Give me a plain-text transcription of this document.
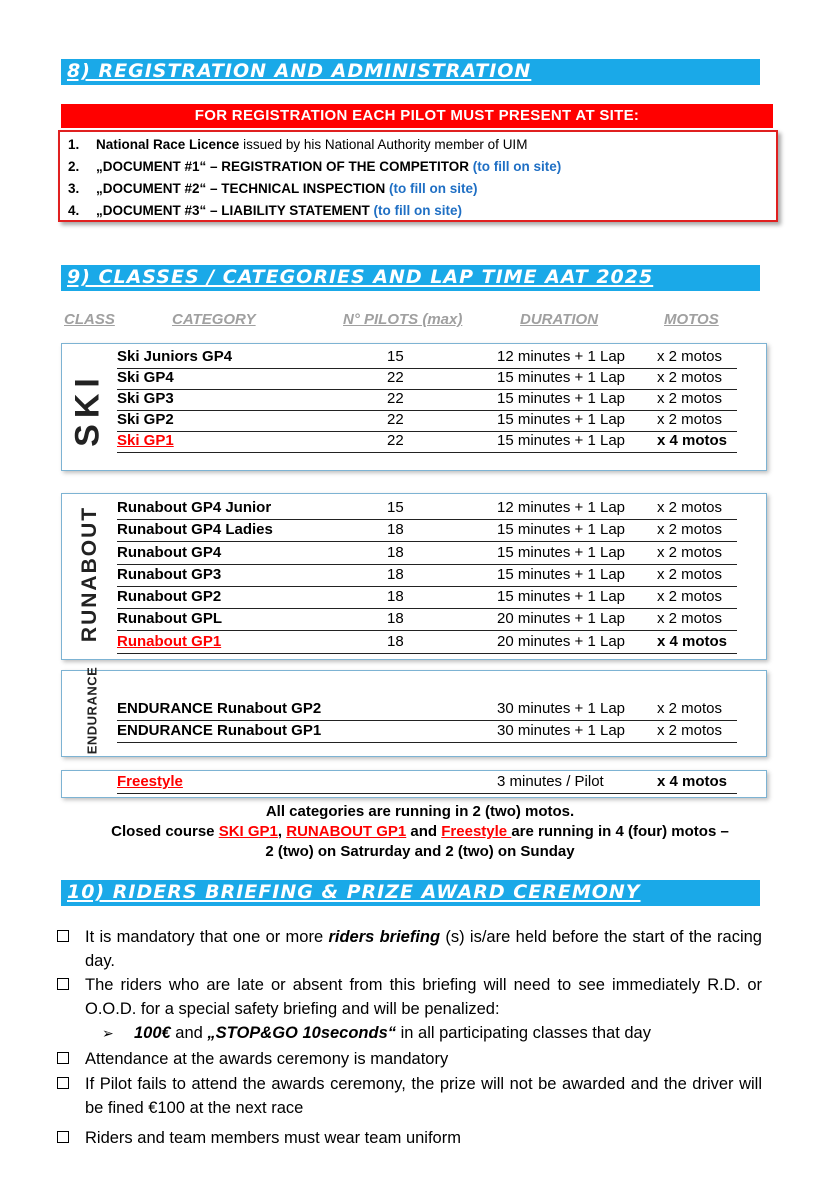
8) REGISTRATION AND ADMINISTRATION
FOR REGISTRATION EACH PILOT MUST PRESENT AT SITE:
1. National Race Licence issued by his National Authority member of UIM
2. „DOCUMENT #1“ – REGISTRATION OF THE COMPETITOR (to fill on site)
3. „DOCUMENT #2“ – TECHNICAL INSPECTION (to fill on site)
4. „DOCUMENT #3“ – LIABILITY STATEMENT (to fill on site)
9) CLASSES / CATEGORIES AND LAP TIME AAT 2025
CLASS	CATEGORY	N° PILOTS (max)	DURATION	MOTOS
SKI
Ski Juniors GP4	15	12 minutes + 1 Lap x 2 motos
Ski GP4	22	15 minutes + 1 Lap x 2 motos
Ski GP3	22	15 minutes + 1 Lap x 2 motos
Ski GP2	22	15 minutes + 1 Lap x 2 motos
Ski GP1	22	15 minutes + 1 Lap x 4 motos
RUNABOUT Runabout GP4 Junior	15	12 minutes + 1 Lap x 2 motos
Runabout GP4 Ladies	18	15 minutes + 1 Lap x 2 motos
Runabout GP4	18	15 minutes + 1 Lap x 2 motos
Runabout GP3	18	15 minutes + 1 Lap x 2 motos
Runabout GP2	18	15 minutes + 1 Lap x 2 motos
Runabout GPL	18	20 minutes + 1 Lap x 2 motos
Runabout GP1	18	20 minutes + 1 Lap x 4 motos
ENDURANCE ENDURANCE Runabout GP2	30 minutes + 1 Lap x 2 motos
ENDURANCE Runabout GP1	30 minutes + 1 Lap x 2 motos
Freestyle	3 minutes / Pilot	x 4 motos
All categories are running in 2 (two) motos.
Closed course SKI GP1, RUNABOUT GP1 and Freestyle are running in 4 (four) motos –
2 (two) on Satrurday and 2 (two) on Sunday
10) RIDERS BRIEFING & PRIZE AWARD CEREMONY
It is mandatory that one or more riders briefing (s) is/are held before the start of the racing day.
The riders who are late or absent from this briefing will need to see immediately R.D. or O.O.D. for a special safety briefing and will be penalized:
➢ 100€ and „STOP&GO 10seconds“ in all participating classes that day
Attendance at the awards ceremony is mandatory
If Pilot fails to attend the awards ceremony, the prize will not be awarded and the driver will be fined €100 at the next race
Riders and team members must wear team uniform
